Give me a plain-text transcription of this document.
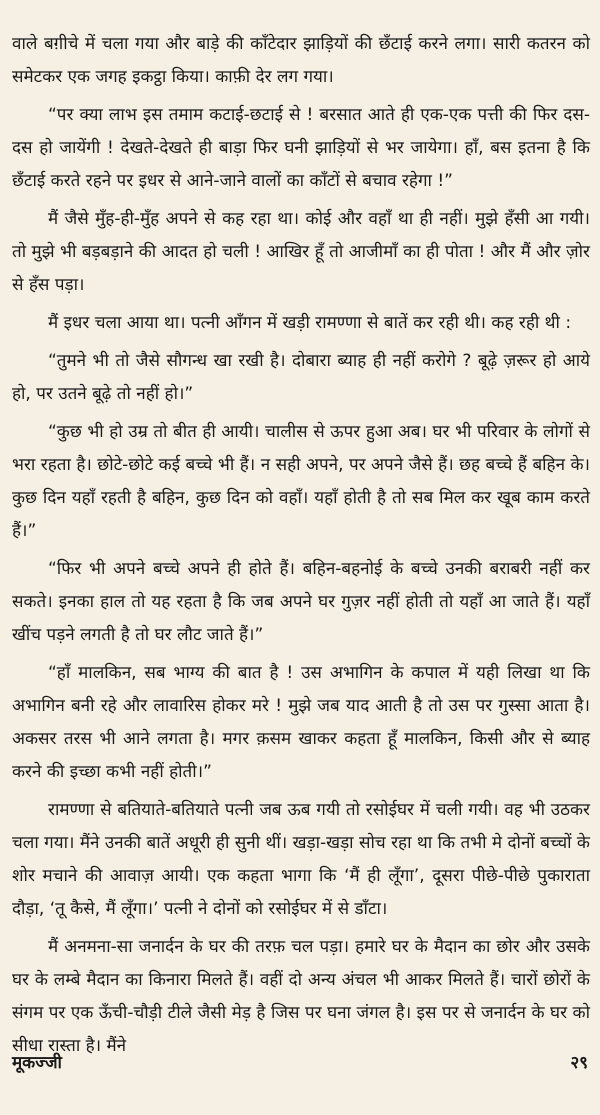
वाले बग़ीचे में चला गया और बाड़े की काँटेदार झाड़ियों की छँटाई करने लगा। सारी कतरन को समेटकर एक जगह इकट्ठा किया। काफ़ी देर लग गया।

“पर क्या लाभ इस तमाम कटाई-छटाई से ! बरसात आते ही एक-एक पत्ती की फिर दस-दस हो जायेंगी ! देखते-देखते ही बाड़ा फिर घनी झाड़ियों से भर जायेगा। हाँ, बस इतना है कि छँटाई करते रहने पर इधर से आने-जाने वालों का काँटों से बचाव रहेगा !”

मैं जैसे मुँह-ही-मुँह अपने से कह रहा था। कोई और वहाँ था ही नहीं। मुझे हँसी आ गयी। तो मुझे भी बड़बड़ाने की आदत हो चली ! आखिर हूँ तो आजीमाँ का ही पोता ! और मैं और ज़ोर से हँस पड़ा।

मैं इधर चला आया था। पत्नी आँगन में खड़ी रामण्णा से बातें कर रही थी। कह रही थी :

“तुमने भी तो जैसे सौगन्ध खा रखी है। दोबारा ब्याह ही नहीं करोगे ? बूढ़े ज़रूर हो आये हो, पर उतने बूढ़े तो नहीं हो।”

“कुछ भी हो उम्र तो बीत ही आयी। चालीस से ऊपर हुआ अब। घर भी परिवार के लोगों से भरा रहता है। छोटे-छोटे कई बच्चे भी हैं। न सही अपने, पर अपने जैसे हैं। छह बच्चे हैं बहिन के। कुछ दिन यहाँ रहती है बहिन, कुछ दिन को वहाँ। यहाँ होती है तो सब मिल कर खूब काम करते हैं।”

“फिर भी अपने बच्चे अपने ही होते हैं। बहिन-बहनोई के बच्चे उनकी बराबरी नहीं कर सकते। इनका हाल तो यह रहता है कि जब अपने घर गुज़र नहीं होती तो यहाँ आ जाते हैं। यहाँ खींच पड़ने लगती है तो घर लौट जाते हैं।”

“हाँ मालकिन, सब भाग्य की बात है ! उस अभागिन के कपाल में यही लिखा था कि अभागिन बनी रहे और लावारिस होकर मरे ! मुझे जब याद आती है तो उस पर गुस्सा आता है। अकसर तरस भी आने लगता है। मगर क़सम खाकर कहता हूँ मालकिन, किसी और से ब्याह करने की इच्छा कभी नहीं होती।”

रामण्णा से बतियाते-बतियाते पत्नी जब ऊब गयी तो रसोईघर में चली गयी। वह भी उठकर चला गया। मैंने उनकी बातें अधूरी ही सुनी थीं। खड़ा-खड़ा सोच रहा था कि तभी मे दोनों बच्चों के शोर मचाने की आवाज़ आयी। एक कहता भागा कि ‘मैं ही लूँगा’, दूसरा पीछे-पीछे पुकाराता दौड़ा, ‘तू कैसे, मैं लूँगा।’ पत्नी ने दोनों को रसोईघर में से डाँटा।

मैं अनमना-सा जनार्दन के घर की तरफ़ चल पड़ा। हमारे घर के मैदान का छोर और उसके घर के लम्बे मैदान का किनारा मिलते हैं। वहीं दो अन्य अंचल भी आकर मिलते हैं। चारों छोरों के संगम पर एक ऊँची-चौड़ी टीले जैसी मेड़ है जिस पर घना जंगल है। इस पर से जनार्दन के घर को सीधा रास्ता है। मैंने

मूकज्जी	२९
